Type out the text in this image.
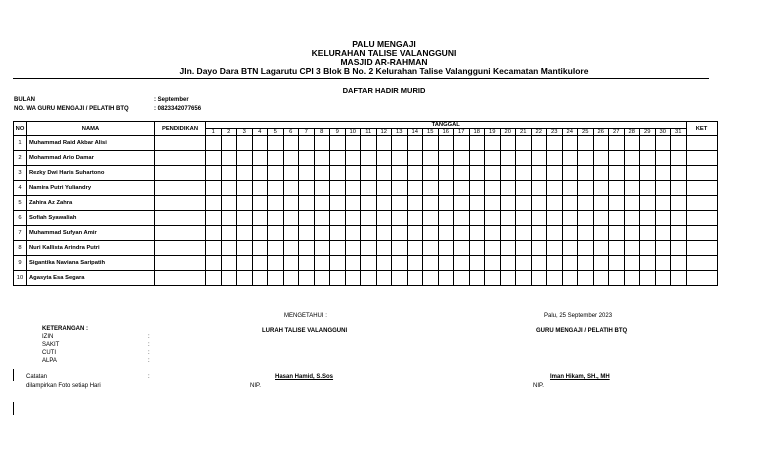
PALU MENGAJI
KELURAHAN TALISE VALANGGUNI
MASJID AR-RAHMAN
Jln. Dayo Dara BTN Lagarutu CPI 3 Blok B No. 2 Kelurahan Talise Valangguni Kecamatan Mantikulore
DAFTAR HADIR MURID
BULAN	: September
NO. WA GURU MENGAJI / PELATIH BTQ	: 0823342077656
NO	NAMA	PENDIDIKAN	TANGGAL																															KET
			1	2	3	4	5	6	7	8	9	10	11	12	13	14	15	16	17	18	19	20	21	22	23	24	25	26	27	28	29	30	31	
1	Muhammad Raid Akbar Alisi																																	
2	Mohammad Ario Damar																																	
3	Rezky Dwi Haris Suhartono																																	
4	Namira Putri Yuliandry																																	
5	Zahira Az Zahra																																	
6	Sofiah Syawaliah																																	
7	Muhammad Sufyan Amir																																	
8	Nuri Kallista Arindra Putri																																	
9	Sigantika Naviana Saripatih																																	
10	Agasyta Esa Segara																																	
MENGETAHUI :	Palu, 25 September 2023
LURAH TALISE VALANGGUNI	GURU MENGAJI / PELATIH BTQ
KETERANGAN :
IZIN	:
SAKIT	:
CUTI	:
ALPA	:
Catatan	:
dilampirkan Foto setiap Hari
Hasan Hamid, S.Sos	Iman Hikam, SH., MH
NIP.	NIP.
